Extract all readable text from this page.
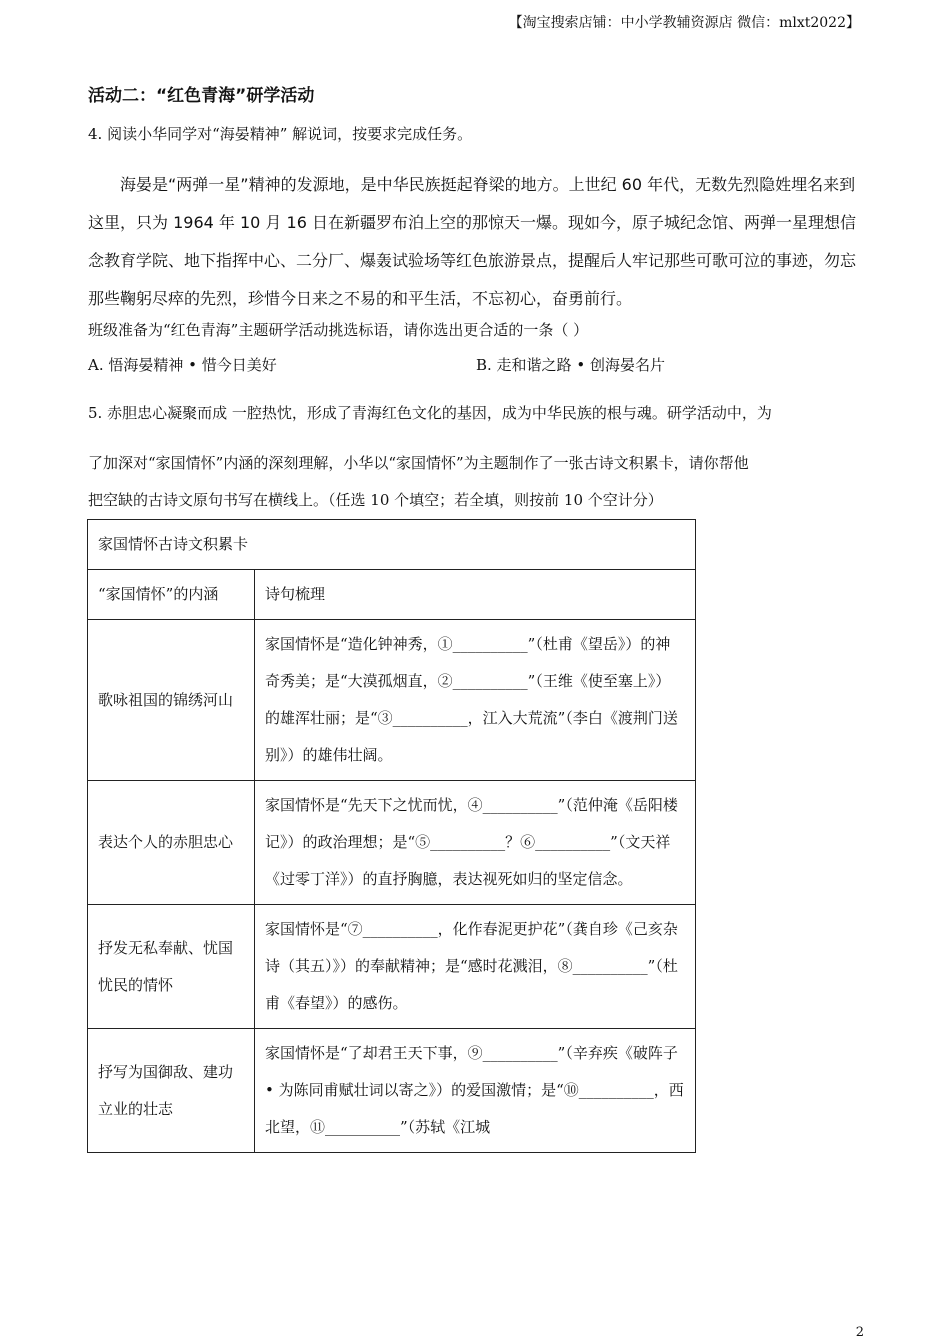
【淘宝搜索店铺：中小学教辅资源店 微信：mlxt2022】
活动二：“红色青海”研学活动
4. 阅读小华同学对“海晏精神” 解说词，按要求完成任务。

海晏是“两弹一星”精神的发源地，是中华民族挺起脊梁的地方。上世纪 60 年代，无数先烈隐姓埋名来到这里，只为 1964 年 10 月 16 日在新疆罗布泊上空的那惊天一爆。现如今，原子城纪念馆、两弹一星理想信念教育学院、地下指挥中心、二分厂、爆轰试验场等红色旅游景点，提醒后人牢记那些可歌可泣的事迹，勿忘那些鞠躬尽瘁的先烈，珍惜今日来之不易的和平生活，不忘初心，奋勇前行。

班级准备为“红色青海”主题研学活动挑选标语，请你选出更合适的一条（ ）
A. 悟海晏精神 • 惜今日美好	B. 走和谐之路 • 创海晏名片
5. 赤胆忠心凝聚而成 一腔热忱，形成了青海红色文化的基因，成为中华民族的根与魂。研学活动中，为
了加深对“家国情怀”内涵的深刻理解，小华以“家国情怀”为主题制作了一张古诗文积累卡，请你帮他
把空缺的古诗文原句书写在横线上。（任选 10 个填空；若全填，则按前 10 个空计分）
家国情怀古诗文积累卡	
“家国情怀”的内涵	诗句梳理
歌咏祖国的锦绣河山	家国情怀是“造化钟神秀，①__________”（杜甫《望岳》）的神奇秀美；是“大漠孤烟直，②__________”（王维《使至塞上》）的雄浑壮丽；是“③__________，江入大荒流”（李白《渡荆门送别》）的雄伟壮阔。
表达个人的赤胆忠心	家国情怀是“先天下之忧而忧，④__________”（范仲淹《岳阳楼记》）的政治理想；是“⑤__________？⑥__________”（文天祥《过零丁洋》）的直抒胸臆，表达视死如归的坚定信念。
抒发无私奉献、忧国忧民的情怀	家国情怀是“⑦__________，化作春泥更护花”（龚自珍《己亥杂诗（其五）》）的奉献精神；是“感时花溅泪，⑧__________”（杜甫《春望》）的感伤。
抒写为国御敌、建功立业的壮志	家国情怀是“了却君王天下事，⑨__________”（辛弃疾《破阵子 • 为陈同甫赋壮词以寄之》）的爱国激情；是“⑩__________，西北望，⑪__________”（苏轼《江城
2
